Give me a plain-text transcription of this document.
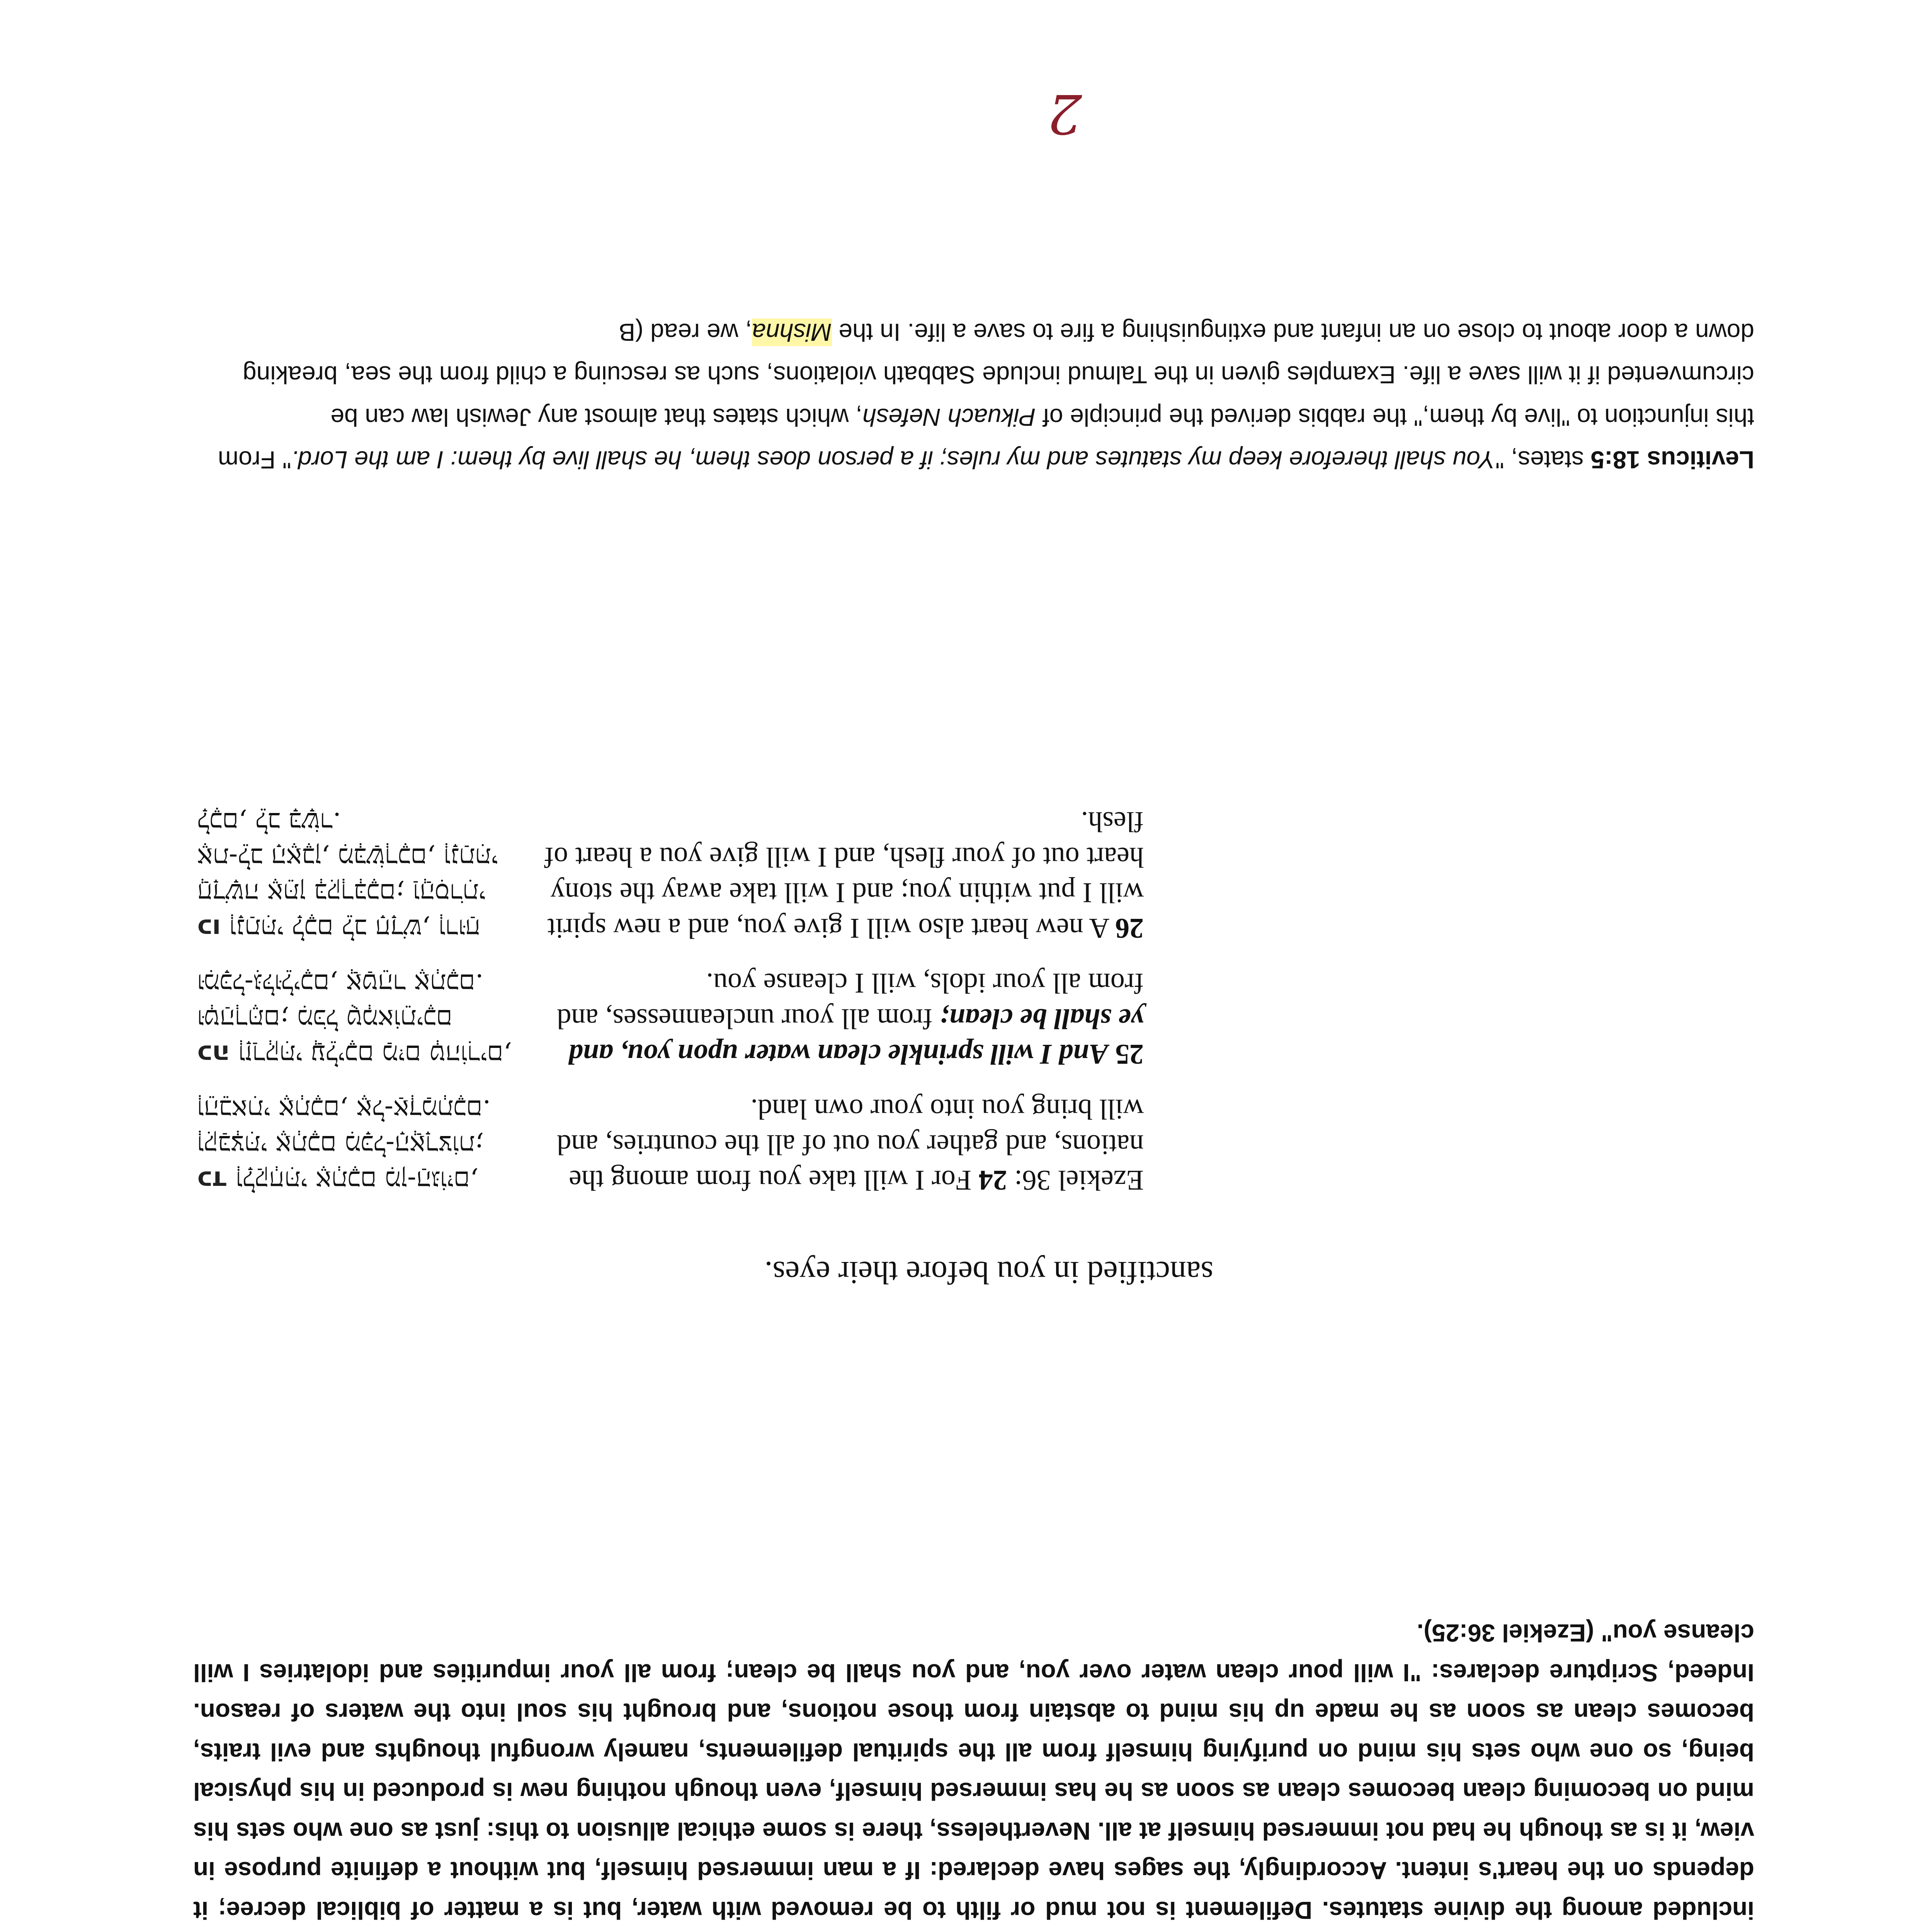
included among the divine statutes. Defilement is not mud or filth to be removed with water, but is a matter of biblical decree; it depends on the heart's intent. Accordingly, the sages have declared: If a man immersed himself, but without a definite purpose in view, it is as though he had not immersed himself at all. Nevertheless, there is some ethical allusion to this: just as one who sets his mind on becoming clean becomes clean as soon as he has immersed himself, even though nothing new is produced in his physical being, so one who sets his mind on purifying himself from all the spiritual defilements, namely wrongful thoughts and evil traits, becomes clean as soon as he made up his mind to abstain from those notions, and brought his soul into the waters of reason. Indeed, Scripture declares: "I will pour clean water over you, and you shall be clean; from all your impurities and idolatries I will cleanse you" (Ezekiel 36:25).
sanctified in you before their eyes.
Ezekiel 36: 24 For I will take you from among the nations, and gather you out of all the countries, and will bring you into your own land.
כד וְלָקַחְתִּי אֶתְכֶם מִן-הַגּוֹיִם, וְקִבַּצְתִּי אֶתְכֶם מִכָּל-הָאֲרָצוֹת; וְהֵבֵאתִי אֶתְכֶם, אֶל-אַדְמַתְכֶם.
25 And I will sprinkle clean water upon you, and ye shall be clean; from all your uncleannesses, and from all your idols, will I cleanse you.
כה וְזָרַקְתִּי עֲלֵיכֶם מַיִם טְהוֹרִים, וּטְהַרְתֶּם; מִכֹּל טֻמְאוֹתֵיכֶם וּמִכָּל-גִּלּוּלֵיכֶם, אֲטַהֵר אֶתְכֶם.
26 A new heart also will I give you, and a new spirit will I put within you; and I will take away the stony heart out of your flesh, and I will give you a heart of flesh.
כו וְנָתַתִּי לָכֶם לֵב חָדָשׁ, וְרוּחַ חֲדָשָׁה אֶתֵּן בְּקִרְבְּכֶם; וַהֲסִרֹתִי אֶת-לֵב הָאֶבֶן, מִבְּשַׂרְכֶם, וְנָתַתִּי לָכֶם, לֵב בָּשָׂר.
Leviticus 18:5 states, "You shall therefore keep my statutes and my rules; if a person does them, he shall live by them: I am the Lord." From this injunction to "live by them," the rabbis derived the principle of Pikuach Nefesh, which states that almost any Jewish law can be circumvented if it will save a life. Examples given in the Talmud include Sabbath violations, such as rescuing a child from the sea, breaking down a door about to close on an infant and extinguishing a fire to save a life. In the Mishna, we read (B
2
